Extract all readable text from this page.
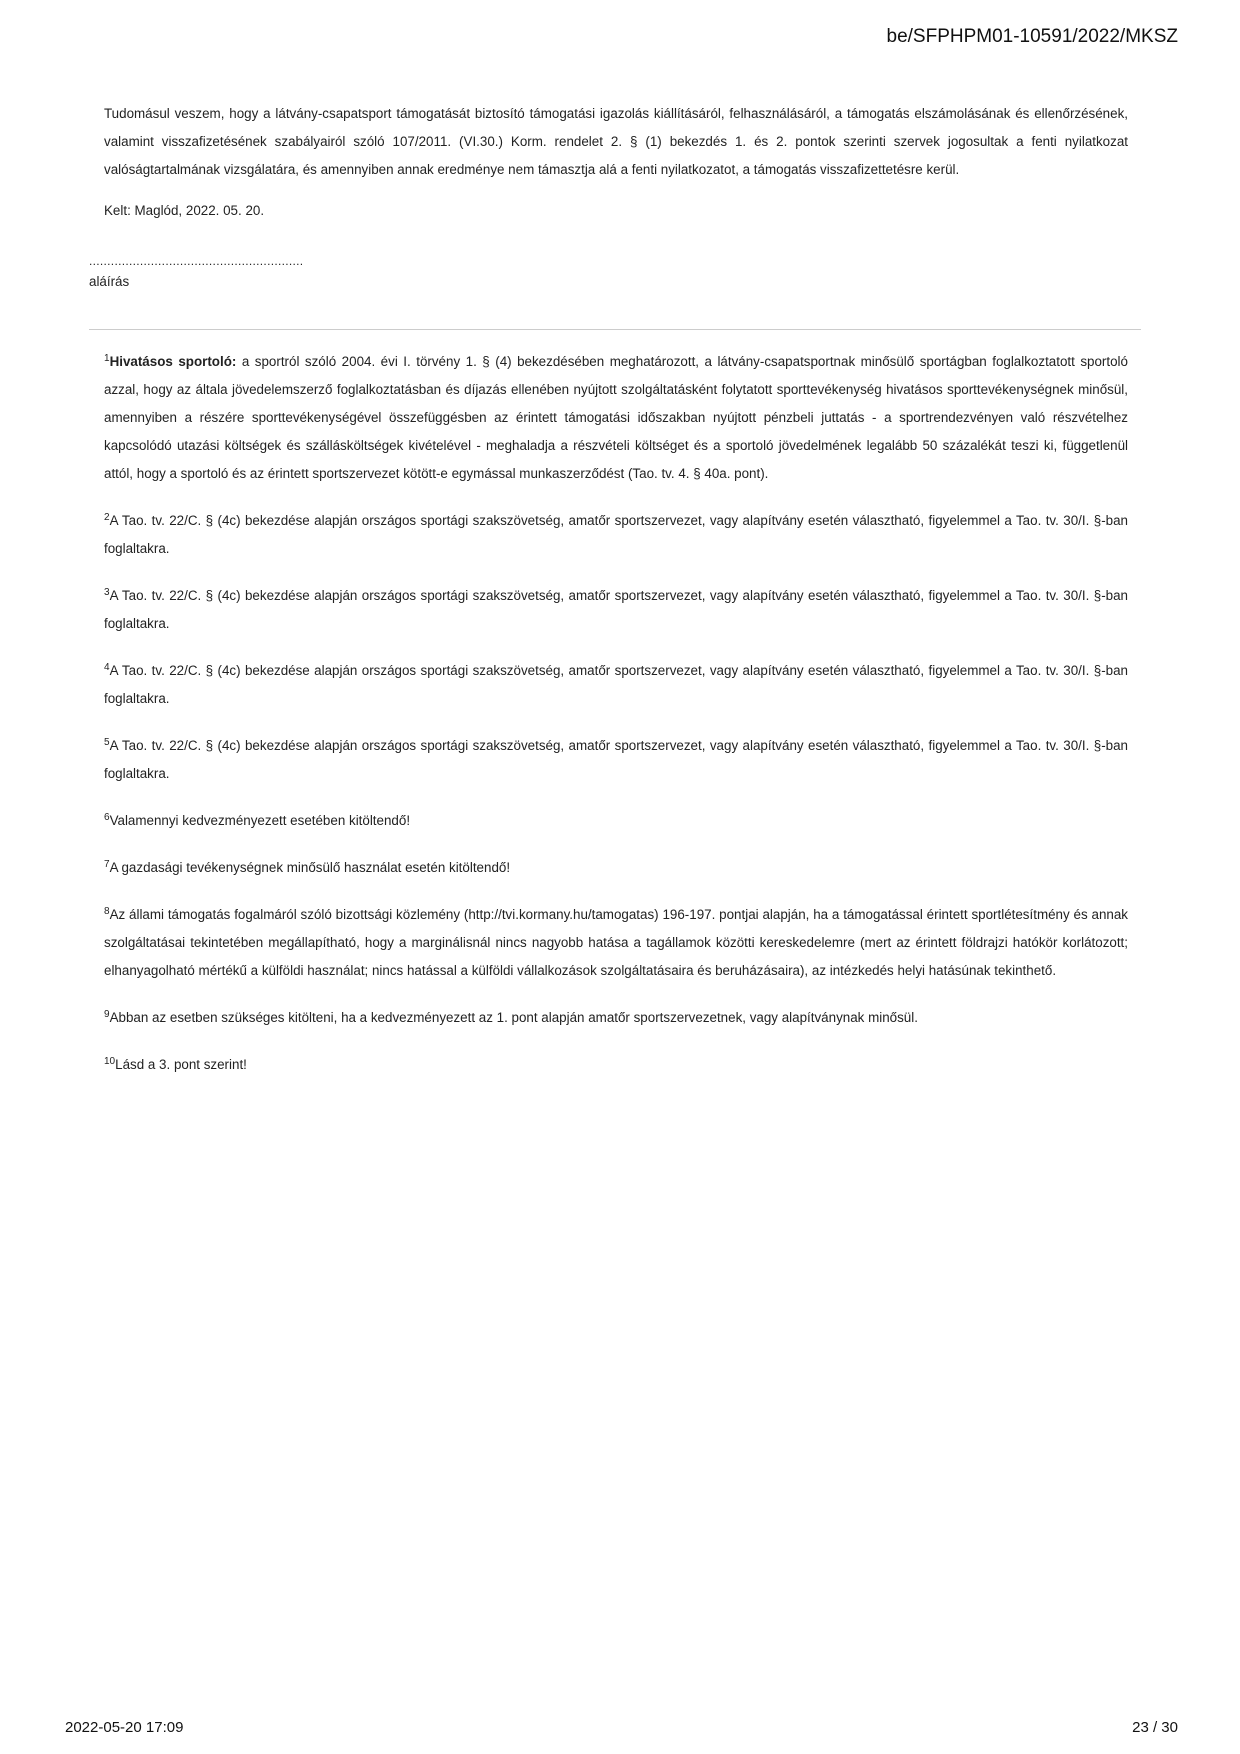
be/SFPHPM01-10591/2022/MKSZ

Tudomásul veszem, hogy a látvány-csapatsport támogatását biztosító támogatási igazolás kiállításáról, felhasználásáról, a támogatás elszámolásának és ellenőrzésének, valamint visszafizetésének szabályairól szóló 107/2011. (VI.30.) Korm. rendelet 2. § (1) bekezdés 1. és 2. pontok szerinti szervek jogosultak a fenti nyilatkozat valóságtartalmának vizsgálatára, és amennyiben annak eredménye nem támasztja alá a fenti nyilatkozatot, a támogatás visszafizettetésre kerül.

Kelt: Maglód, 2022. 05. 20.

...........................................................
aláírás

$^1$Hivatásos sportoló: a sportról szóló 2004. évi I. törvény 1. § (4) bekezdésében meghatározott, a látvány-csapatsportnak minősülő sportágban foglalkoztatott sportoló azzal, hogy az általa jövedelemszerző foglalkoztatásban és díjazás ellenében nyújtott szolgáltatásként folytatott sporttevékenység hivatásos sporttevékenységnek minősül, amennyiben a részére sporttevékenységével összefüggésben az érintett támogatási időszakban nyújtott pénzbeli juttatás - a sportrendezvényen való részvételhez kapcsolódó utazási költségek és szállásköltségek kivételével - meghaladja a részvételi költséget és a sportoló jövedelmének legalább 50 százalékát teszi ki, függetlenül attól, hogy a sportoló és az érintett sportszervezet kötött-e egymással munkaszerződést (Tao. tv. 4. § 40a. pont).

$^2$A Tao. tv. 22/C. § (4c) bekezdése alapján országos sportági szakszövetség, amatőr sportszervezet, vagy alapítvány esetén választható, figyelemmel a Tao. tv. 30/I. §-ban foglaltakra.

$^3$A Tao. tv. 22/C. § (4c) bekezdése alapján országos sportági szakszövetség, amatőr sportszervezet, vagy alapítvány esetén választható, figyelemmel a Tao. tv. 30/I. §-ban foglaltakra.

$^4$A Tao. tv. 22/C. § (4c) bekezdése alapján országos sportági szakszövetség, amatőr sportszervezet, vagy alapítvány esetén választható, figyelemmel a Tao. tv. 30/I. §-ban foglaltakra.

$^5$A Tao. tv. 22/C. § (4c) bekezdése alapján országos sportági szakszövetség, amatőr sportszervezet, vagy alapítvány esetén választható, figyelemmel a Tao. tv. 30/I. §-ban foglaltakra.

$^6$Valamennyi kedvezményezett esetében kitöltendő!

$^7$A gazdasági tevékenységnek minősülő használat esetén kitöltendő!

$^8$Az állami támogatás fogalmáról szóló bizottsági közlemény (http://tvi.kormany.hu/tamogatas) 196-197. pontjai alapján, ha a támogatással érintett sportlétesítmény és annak szolgáltatásai tekintetében megállapítható, hogy a marginálisnál nincs nagyobb hatása a tagállamok közötti kereskedelemre (mert az érintett földrajzi hatókör korlátozott; elhanyagolható mértékű a külföldi használat; nincs hatással a külföldi vállalkozások szolgáltatásaira és beruházásaira), az intézkedés helyi hatásúnak tekinthető.

$^9$Abban az esetben szükséges kitölteni, ha a kedvezményezett az 1. pont alapján amatőr sportszervezetnek, vagy alapítványnak minősül.

$^{10}$Lásd a 3. pont szerint!

2022-05-20 17:09	23 / 30
